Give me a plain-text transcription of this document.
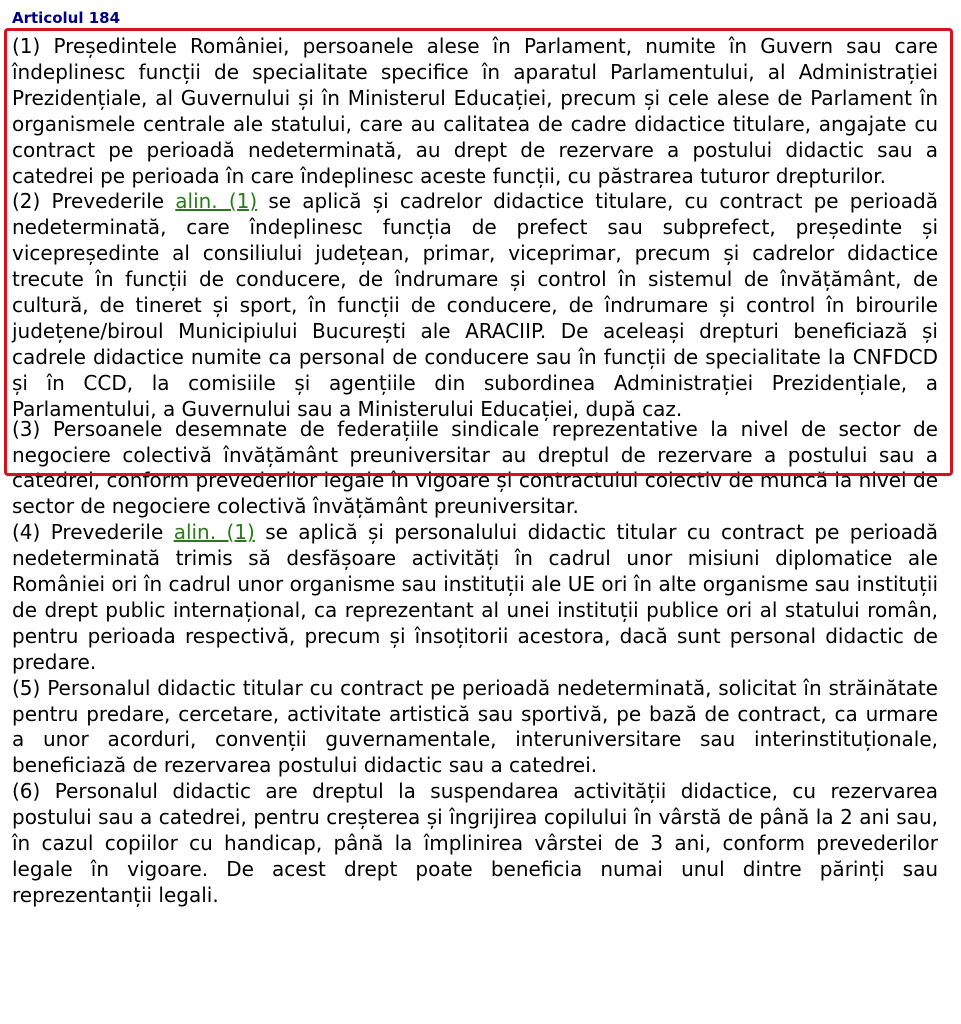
Articolul 184

(1) Președintele României, persoanele alese în Parlament, numite în Guvern sau care îndeplinesc funcții de specialitate specifice în aparatul Parlamentului, al Administrației Prezidențiale, al Guvernului și în Ministerul Educației, precum și cele alese de Parlament în organismele centrale ale statului, care au calitatea de cadre didactice titulare, angajate cu contract pe perioadă nedeterminată, au drept de rezervare a postului didactic sau a catedrei pe perioada în care îndeplinesc aceste funcții, cu păstrarea tuturor drepturilor.

(2) Prevederile alin. (1) se aplică și cadrelor didactice titulare, cu contract pe perioadă nedeterminată, care îndeplinesc funcția de prefect sau subprefect, președinte și vicepreședinte al consiliului județean, primar, viceprimar, precum și cadrelor didactice trecute în funcții de conducere, de îndrumare și control în sistemul de învățământ, de cultură, de tineret și sport, în funcții de conducere, de îndrumare și control în birourile județene/biroul Municipiului București ale ARACIIP. De aceleași drepturi beneficiază și cadrele didactice numite ca personal de conducere sau în funcții de specialitate la CNFDCD și în CCD, la comisiile și agențiile din subordinea Administrației Prezidențiale, a Parlamentului, a Guvernului sau a Ministerului Educației, după caz.

(3) Persoanele desemnate de federațiile sindicale reprezentative la nivel de sector de negociere colectivă învățământ preuniversitar au dreptul de rezervare a postului sau a catedrei, conform prevederilor legale în vigoare și contractului colectiv de muncă la nivel de sector de negociere colectivă învățământ preuniversitar.

(4) Prevederile alin. (1) se aplică și personalului didactic titular cu contract pe perioadă nedeterminată trimis să desfășoare activități în cadrul unor misiuni diplomatice ale României ori în cadrul unor organisme sau instituții ale UE ori în alte organisme sau instituții de drept public internațional, ca reprezentant al unei instituții publice ori al statului român, pentru perioada respectivă, precum și însoțitorii acestora, dacă sunt personal didactic de predare.

(5) Personalul didactic titular cu contract pe perioadă nedeterminată, solicitat în străinătate pentru predare, cercetare, activitate artistică sau sportivă, pe bază de contract, ca urmare a unor acorduri, convenții guvernamentale, interuniversitare sau interinstituționale, beneficiază de rezervarea postului didactic sau a catedrei.

(6) Personalul didactic are dreptul la suspendarea activității didactice, cu rezervarea postului sau a catedrei, pentru creșterea și îngrijirea copilului în vârstă de până la 2 ani sau, în cazul copiilor cu handicap, până la împlinirea vârstei de 3 ani, conform prevederilor legale în vigoare. De acest drept poate beneficia numai unul dintre părinți sau reprezentanții legali.
